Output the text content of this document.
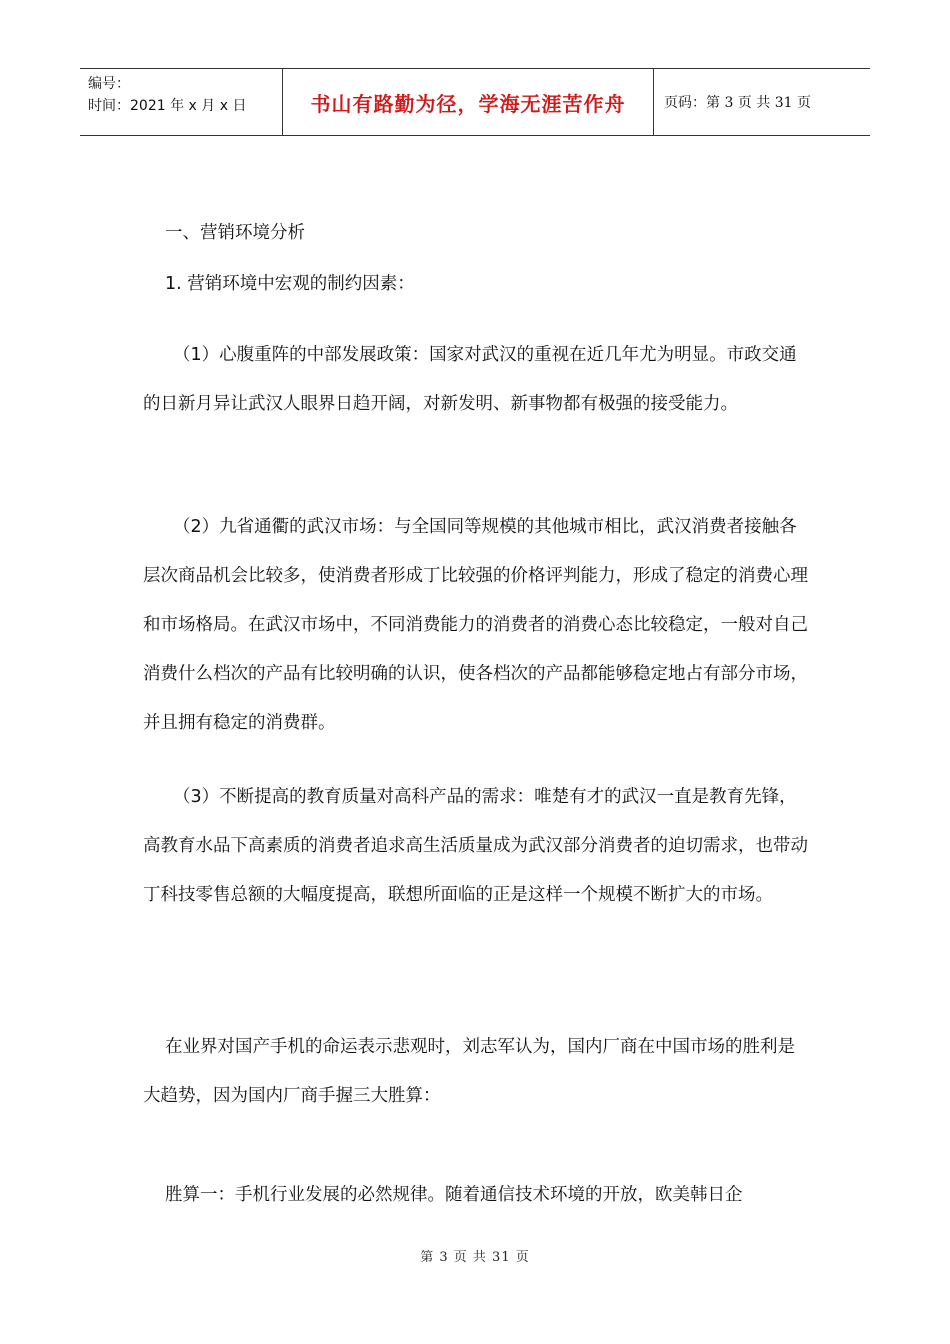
编号：
时间：2021 年 x 月 x 日	书山有路勤为径，学海无涯苦作舟	页码：第 3 页 共 31 页

一、营销环境分析

1. 营销环境中宏观的制约因素：

（1）心腹重阵的中部发展政策：国家对武汉的重视在近几年尤为明显。市政交通的日新月异让武汉人眼界日趋开阔，对新发明、新事物都有极强的接受能力。

（2）九省通衢的武汉市场：与全国同等规模的其他城市相比，武汉消费者接触各层次商品机会比较多，使消费者形成丁比较强的价格评判能力，形成了稳定的消费心理和市场格局。在武汉市场中，不同消费能力的消费者的消费心态比较稳定，一般对自己消费什么档次的产品有比较明确的认识，使各档次的产品都能够稳定地占有部分市场，并且拥有稳定的消费群。

（3）不断提高的教育质量对高科产品的需求：唯楚有才的武汉一直是教育先锋，高教育水品下高素质的消费者追求高生活质量成为武汉部分消费者的迫切需求，也带动丁科技零售总额的大幅度提高，联想所面临的正是这样一个规模不断扩大的市场。

在业界对国产手机的命运表示悲观时，刘志军认为，国内厂商在中国市场的胜利是大趋势，因为国内厂商手握三大胜算：

胜算一：手机行业发展的必然规律。随着通信技术环境的开放，欧美韩日企

第 3 页 共 31 页
